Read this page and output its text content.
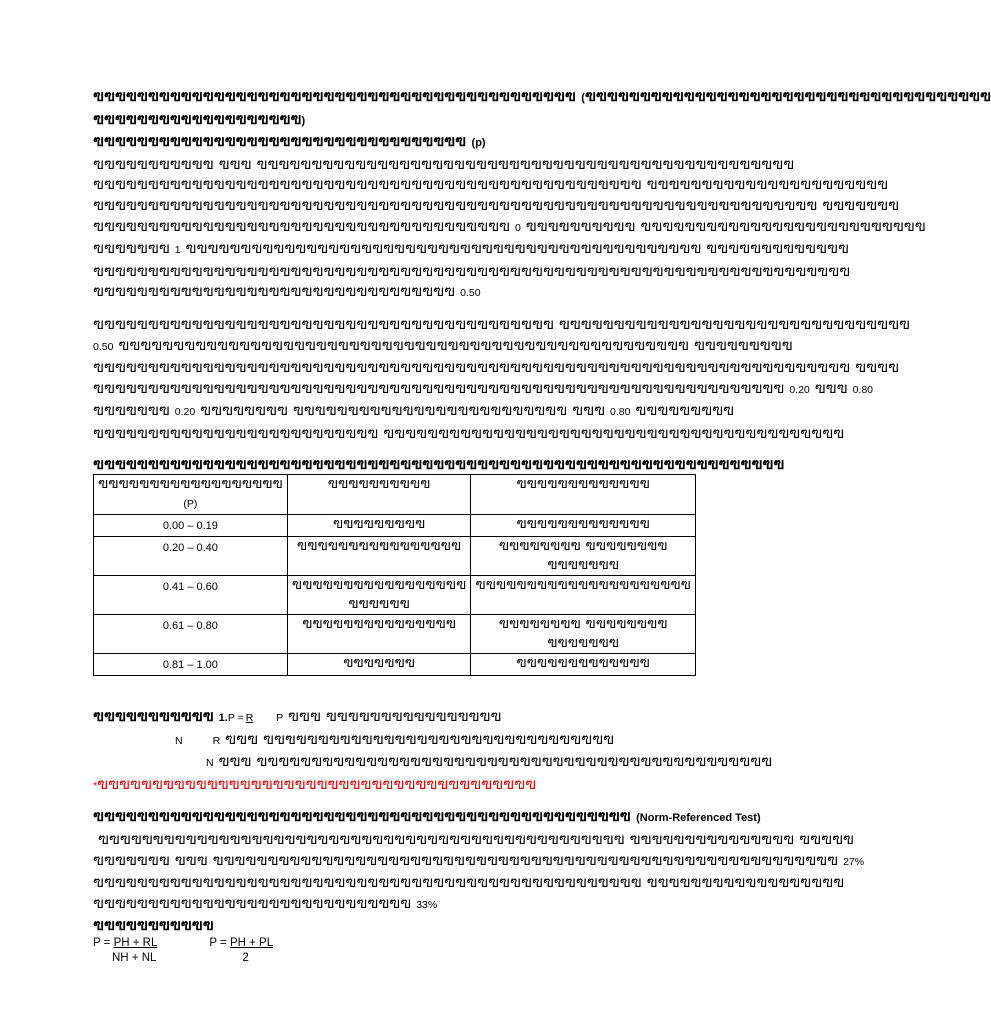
ฃฃฃฃฃฃฃฃฃฃฃฃฃฃฃฃฃฃฃฃฃฃฃฃฃฃฃฃฃฃฃฃฃฃฃฃฃฃฃฃฃฃฃฃ (ฃฃฃฃฃฃฃฃฃฃฃฃฃฃฃฃฃฃฃฃฃฃฃฃฃฃฃฃฃฃฃฃฃฃฃฃฃ
ฃฃฃฃฃฃฃฃฃฃฃฃฃฃฃฃฃฃฃ)
ฃฃฃฃฃฃฃฃฃฃฃฃฃฃฃฃฃฃฃฃฃฃฃฃฃฃฃฃฃฃฃฃฃฃ (p)
ฃฃฃฃฃฃฃฃฃฃฃ ฃฃฃ ฃฃฃฃฃฃฃฃฃฃฃฃฃฃฃฃฃฃฃฃฃฃฃฃฃฃฃฃฃฃฃฃฃฃฃฃฃฃฃฃฃฃฃฃฃฃฃฃฃ
ฃฃฃฃฃฃฃฃฃฃฃฃฃฃฃฃฃฃฃฃฃฃฃฃฃฃฃฃฃฃฃฃฃฃฃฃฃฃฃฃฃฃฃฃฃฃฃฃฃฃ ฃฃฃฃฃฃฃฃฃฃฃฃฃฃฃฃฃฃฃฃฃฃ
ฃฃฃฃฃฃฃฃฃฃฃฃฃฃฃฃฃฃฃฃฃฃฃฃฃฃฃฃฃฃฃฃฃฃฃฃฃฃฃฃฃฃฃฃฃฃฃฃฃฃฃฃฃฃฃฃฃฃฃฃฃฃฃฃฃฃ ฃฃฃฃฃฃฃ
ฃฃฃฃฃฃฃฃฃฃฃฃฃฃฃฃฃฃฃฃฃฃฃฃฃฃฃฃฃฃฃฃฃฃฃฃฃฃ 0 ฃฃฃฃฃฃฃฃฃฃ ฃฃฃฃฃฃฃฃฃฃฃฃฃฃฃฃฃฃฃฃฃฃฃฃฃฃ
ฃฃฃฃฃฃฃ 1 ฃฃฃฃฃฃฃฃฃฃฃฃฃฃฃฃฃฃฃฃฃฃฃฃฃฃฃฃฃฃฃฃฃฃฃฃฃฃฃฃฃฃฃฃฃฃฃ ฃฃฃฃฃฃฃฃฃฃฃฃฃ
ฃฃฃฃฃฃฃฃฃฃฃฃฃฃฃฃฃฃฃฃฃฃฃฃฃฃฃฃฃฃฃฃฃฃฃฃฃฃฃฃฃฃฃฃฃฃฃฃฃฃฃฃฃฃฃฃฃฃฃฃฃฃฃฃฃฃฃฃฃ
ฃฃฃฃฃฃฃฃฃฃฃฃฃฃฃฃฃฃฃฃฃฃฃฃฃฃฃฃฃฃฃฃฃ 0.50
ฃฃฃฃฃฃฃฃฃฃฃฃฃฃฃฃฃฃฃฃฃฃฃฃฃฃฃฃฃฃฃฃฃฃฃฃฃฃฃฃฃฃ ฃฃฃฃฃฃฃฃฃฃฃฃฃฃฃฃฃฃฃฃฃฃฃฃฃฃฃฃฃฃฃฃ
0.50 ฃฃฃฃฃฃฃฃฃฃฃฃฃฃฃฃฃฃฃฃฃฃฃฃฃฃฃฃฃฃฃฃฃฃฃฃฃฃฃฃฃฃฃฃฃฃฃฃฃฃฃฃ ฃฃฃฃฃฃฃฃฃ
ฃฃฃฃฃฃฃฃฃฃฃฃฃฃฃฃฃฃฃฃฃฃฃฃฃฃฃฃฃฃฃฃฃฃฃฃฃฃฃฃฃฃฃฃฃฃฃฃฃฃฃฃฃฃฃฃฃฃฃฃฃฃฃฃฃฃฃฃฃ ฃฃฃฃ
ฃฃฃฃฃฃฃฃฃฃฃฃฃฃฃฃฃฃฃฃฃฃฃฃฃฃฃฃฃฃฃฃฃฃฃฃฃฃฃฃฃฃฃฃฃฃฃฃฃฃฃฃฃฃฃฃฃฃฃฃฃฃฃ 0.20 ฃฃฃ 0.80
ฃฃฃฃฃฃฃ 0.20 ฃฃฃฃฃฃฃฃ ฃฃฃฃฃฃฃฃฃฃฃฃฃฃฃฃฃฃฃฃฃฃฃฃฃ ฃฃฃ 0.80 ฃฃฃฃฃฃฃฃฃ
ฃฃฃฃฃฃฃฃฃฃฃฃฃฃฃฃฃฃฃฃฃฃฃฃฃฃ ฃฃฃฃฃฃฃฃฃฃฃฃฃฃฃฃฃฃฃฃฃฃฃฃฃฃฃฃฃฃฃฃฃฃฃฃฃฃฃฃฃฃ
ฃฃฃฃฃฃฃฃฃฃฃฃฃฃฃฃฃฃฃฃฃฃฃฃฃฃฃฃฃฃฃฃฃฃฃฃฃฃฃฃฃฃฃฃฃฃฃฃฃฃฃฃฃฃฃฃฃฃฃฃฃฃฃ
ฃฃฃฃฃฃฃฃฃฃฃฃฃฃฃฃฃฃ (P)	ฃฃฃฃฃฃฃฃฃฃ	ฃฃฃฃฃฃฃฃฃฃฃฃฃ
0.00 – 0.19	ฃฃฃฃฃฃฃฃฃ	ฃฃฃฃฃฃฃฃฃฃฃฃฃ
0.20 – 0.40	ฃฃฃฃฃฃฃฃฃฃฃฃฃฃฃฃ	ฃฃฃฃฃฃฃฃ ฃฃฃฃฃฃฃฃ ฃฃฃฃฃฃฃ
0.41 – 0.60	ฃฃฃฃฃฃฃฃฃฃฃฃฃฃฃฃฃ ฃฃฃฃฃฃ	ฃฃฃฃฃฃฃฃฃฃฃฃฃฃฃฃฃฃฃฃฃ
0.61 – 0.80	ฃฃฃฃฃฃฃฃฃฃฃฃฃฃฃ	ฃฃฃฃฃฃฃฃ ฃฃฃฃฃฃฃฃ ฃฃฃฃฃฃฃ
0.81 – 1.00	ฃฃฃฃฃฃฃ	ฃฃฃฃฃฃฃฃฃฃฃฃฃ
ฃฃฃฃฃฃฃฃฃฃฃ 1.P = R P ฃฃฃ ฃฃฃฃฃฃฃฃฃฃฃฃฃฃฃฃ
N	R ฃฃฃ ฃฃฃฃฃฃฃฃฃฃฃฃฃฃฃฃฃฃฃฃฃฃฃฃฃฃฃฃฃฃฃฃ
N ฃฃฃ ฃฃฃฃฃฃฃฃฃฃฃฃฃฃฃฃฃฃฃฃฃฃฃฃฃฃฃฃฃฃฃฃฃฃฃฃฃฃฃฃฃฃฃฃฃฃฃ
*ฃฃฃฃฃฃฃฃฃฃฃฃฃฃฃฃฃฃฃฃฃฃฃฃฃฃฃฃฃฃฃฃฃฃฃฃฃฃฃฃ
ฃฃฃฃฃฃฃฃฃฃฃฃฃฃฃฃฃฃฃฃฃฃฃฃฃฃฃฃฃฃฃฃฃฃฃฃฃฃฃฃฃฃฃฃฃฃฃฃฃ (Norm-Referenced Test)
ฃฃฃฃฃฃฃฃฃฃฃฃฃฃฃฃฃฃฃฃฃฃฃฃฃฃฃฃฃฃฃฃฃฃฃฃฃฃฃฃฃฃฃฃฃฃฃฃ ฃฃฃฃฃฃฃฃฃฃฃฃฃฃฃ ฃฃฃฃฃ
ฃฃฃฃฃฃฃ ฃฃฃ ฃฃฃฃฃฃฃฃฃฃฃฃฃฃฃฃฃฃฃฃฃฃฃฃฃฃฃฃฃฃฃฃฃฃฃฃฃฃฃฃฃฃฃฃฃฃฃฃฃฃฃฃฃฃฃฃฃ 27%
ฃฃฃฃฃฃฃฃฃฃฃฃฃฃฃฃฃฃฃฃฃฃฃฃฃฃฃฃฃฃฃฃฃฃฃฃฃฃฃฃฃฃฃฃฃฃฃฃฃฃ ฃฃฃฃฃฃฃฃฃฃฃฃฃฃฃฃฃฃ
ฃฃฃฃฃฃฃฃฃฃฃฃฃฃฃฃฃฃฃฃฃฃฃฃฃฃฃฃฃ 33%
ฃฃฃฃฃฃฃฃฃฃฃ
P = PH + RL	P = PH + PL
NH + NL	2
